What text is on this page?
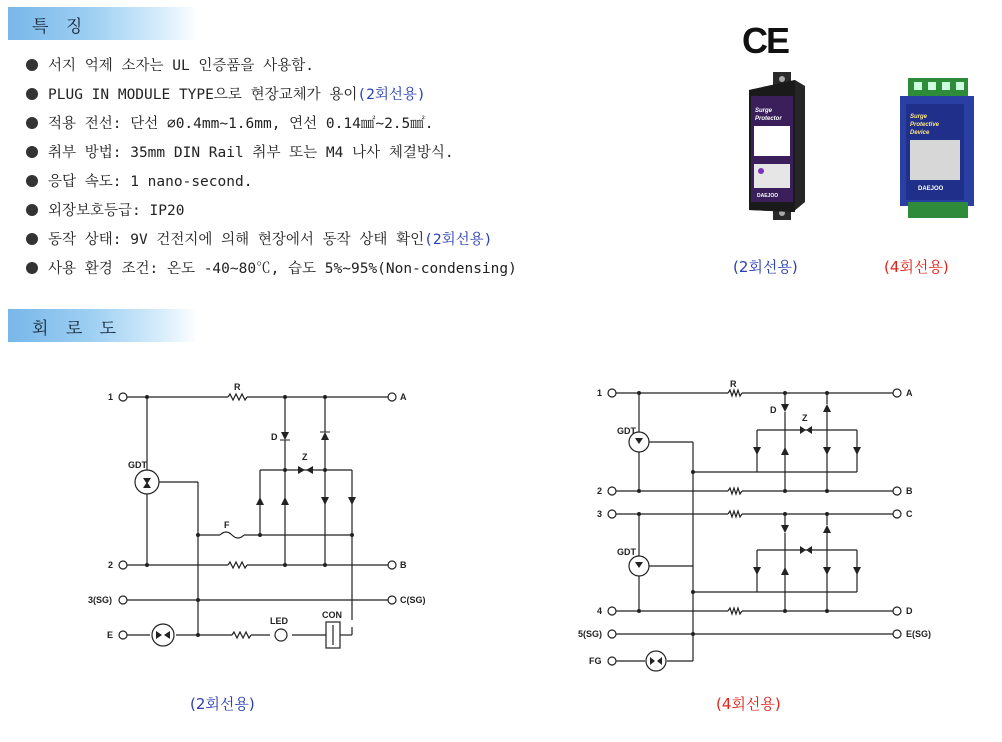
특 징
서지 억제 소자는 UL 인증품을 사용함.
PLUG IN MODULE TYPE으로 현장교체가 용이(2회선용)
적용 전선: 단선 ∅0.4mm~1.6mm, 연선 0.14㎟~2.5㎟.
취부 방법: 35mm DIN Rail 취부 또는 M4 나사 체결방식.
응답 속도: 1 nano-second.
외장보호등급: IP20
동작 상태: 9V 건전지에 의해 현장에서 동작 상태 확인(2회선용)
사용 환경 조건: 온도 -40~80℃, 습도 5%~95%(Non-condensing)
CE
Surge
Protector
DAEJOO
Surge
Protective
Device
DAEJOO
(2회선용)	(4회선용)
회 로 도
1
2
3(SG)
E
A
B
C(SG)
R
D
Z
F
GDT
LED
CON
(2회선용)
1
2
3
4
5(SG)
FG
A
B
C
D
E(SG)
R
D
Z
GDT
GDT
(4회선용)
